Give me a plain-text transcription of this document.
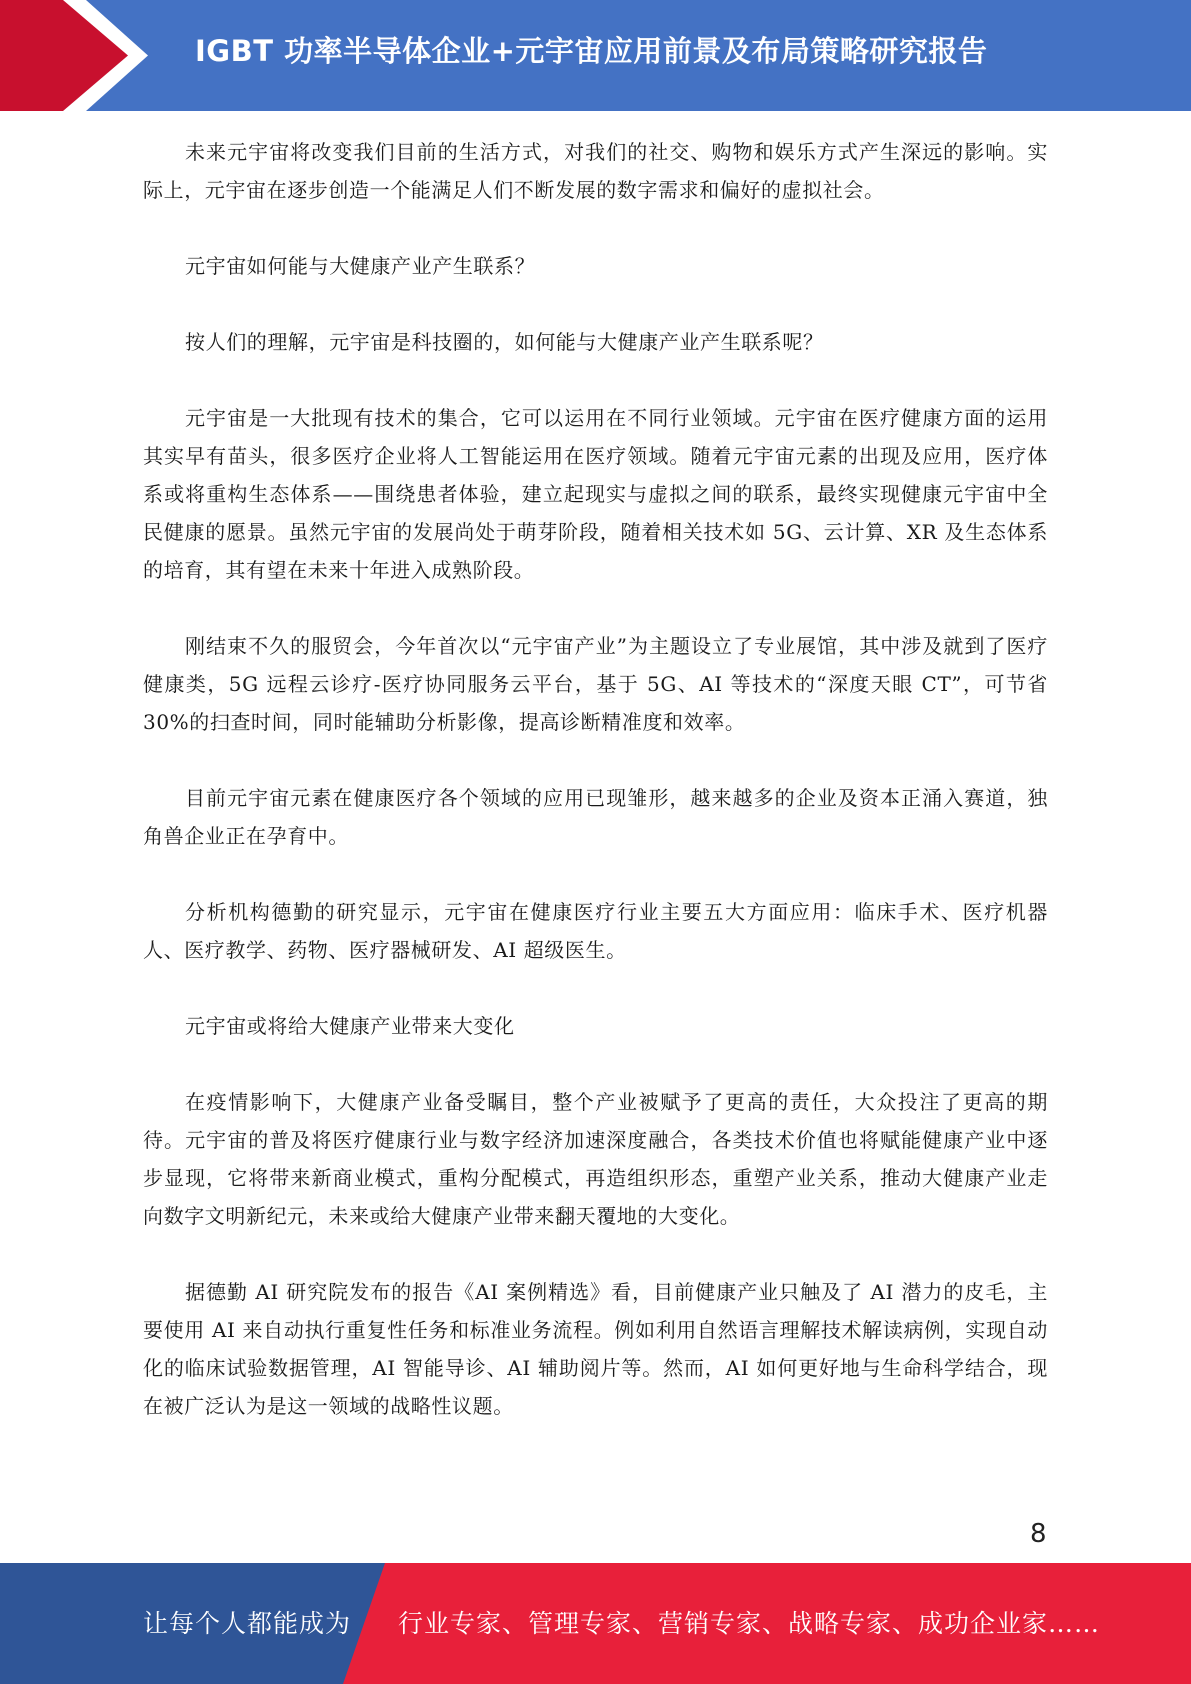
IGBT 功率半导体企业+元宇宙应用前景及布局策略研究报告

未来元宇宙将改变我们目前的生活方式，对我们的社交、购物和娱乐方式产生深远的影响。实际上，元宇宙在逐步创造一个能满足人们不断发展的数字需求和偏好的虚拟社会。

元宇宙如何能与大健康产业产生联系？

按人们的理解，元宇宙是科技圈的，如何能与大健康产业产生联系呢？

元宇宙是一大批现有技术的集合，它可以运用在不同行业领域。元宇宙在医疗健康方面的运用其实早有苗头，很多医疗企业将人工智能运用在医疗领域。随着元宇宙元素的出现及应用，医疗体系或将重构生态体系——围绕患者体验，建立起现实与虚拟之间的联系，最终实现健康元宇宙中全民健康的愿景。虽然元宇宙的发展尚处于萌芽阶段，随着相关技术如 5G、云计算、XR 及生态体系的培育，其有望在未来十年进入成熟阶段。

刚结束不久的服贸会，今年首次以“元宇宙产业”为主题设立了专业展馆，其中涉及就到了医疗健康类，5G 远程云诊疗-医疗协同服务云平台，基于 5G、AI 等技术的“深度天眼 CT”，可节省 30%的扫查时间，同时能辅助分析影像，提高诊断精准度和效率。

目前元宇宙元素在健康医疗各个领域的应用已现雏形，越来越多的企业及资本正涌入赛道，独角兽企业正在孕育中。

分析机构德勤的研究显示，元宇宙在健康医疗行业主要五大方面应用：临床手术、医疗机器人、医疗教学、药物、医疗器械研发、AI 超级医生。

元宇宙或将给大健康产业带来大变化

在疫情影响下，大健康产业备受瞩目，整个产业被赋予了更高的责任，大众投注了更高的期待。元宇宙的普及将医疗健康行业与数字经济加速深度融合，各类技术价值也将赋能健康产业中逐步显现，它将带来新商业模式，重构分配模式，再造组织形态，重塑产业关系，推动大健康产业走向数字文明新纪元，未来或给大健康产业带来翻天覆地的大变化。

据德勤 AI 研究院发布的报告《AI 案例精选》看，目前健康产业只触及了 AI 潜力的皮毛，主要使用 AI 来自动执行重复性任务和标准业务流程。例如利用自然语言理解技术解读病例，实现自动化的临床试验数据管理，AI 智能导诊、AI 辅助阅片等。然而，AI 如何更好地与生命科学结合，现在被广泛认为是这一领域的战略性议题。

8
让每个人都能成为 行业专家、管理专家、营销专家、战略专家、成功企业家……
